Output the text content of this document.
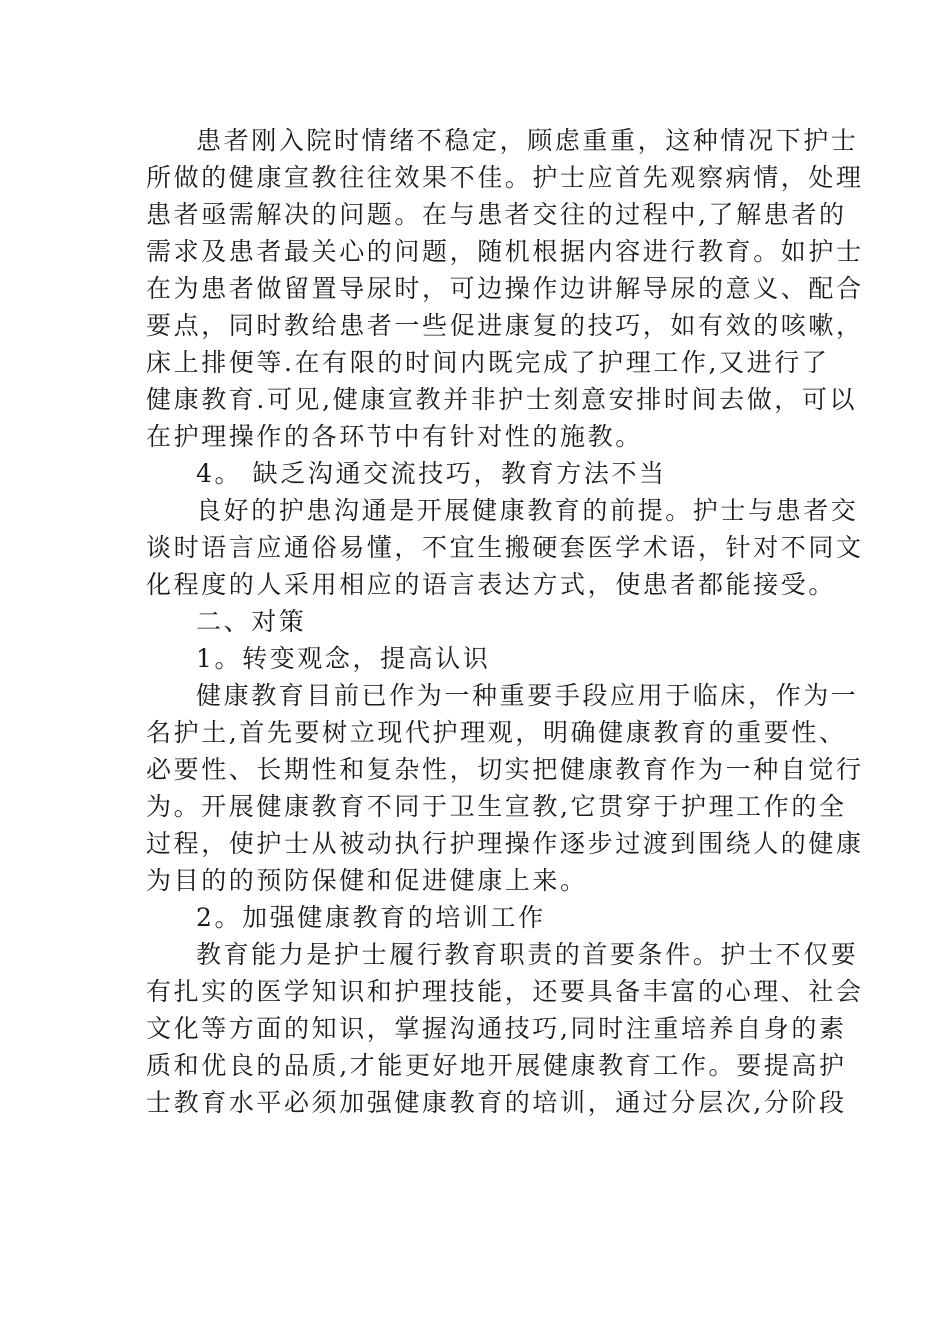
患者刚入院时情绪不稳定，顾虑重重，这种情况下护士
所做的健康宣教往往效果不佳。护士应首先观察病情，处理
患者亟需解决的问题。在与患者交往的过程中,了解患者的
需求及患者最关心的问题，随机根据内容进行教育。如护士
在为患者做留置导尿时，可边操作边讲解导尿的意义、配合
要点，同时教给患者一些促进康复的技巧，如有效的咳嗽，
床上排便等.在有限的时间内既完成了护理工作,又进行了
健康教育.可见,健康宣教并非护士刻意安排时间去做，可以
在护理操作的各环节中有针对性的施教。
4。 缺乏沟通交流技巧，教育方法不当
良好的护患沟通是开展健康教育的前提。护士与患者交
谈时语言应通俗易懂，不宜生搬硬套医学术语，针对不同文
化程度的人采用相应的语言表达方式，使患者都能接受。
二、对策
1。转变观念，提高认识
健康教育目前已作为一种重要手段应用于临床，作为一
名护土,首先要树立现代护理观，明确健康教育的重要性、
必要性、长期性和复杂性，切实把健康教育作为一种自觉行
为。开展健康教育不同于卫生宣教,它贯穿于护理工作的全
过程，使护士从被动执行护理操作逐步过渡到围绕人的健康
为目的的预防保健和促进健康上来。
2。加强健康教育的培训工作
教育能力是护士履行教育职责的首要条件。护士不仅要
有扎实的医学知识和护理技能，还要具备丰富的心理、社会
文化等方面的知识，掌握沟通技巧,同时注重培养自身的素
质和优良的品质,才能更好地开展健康教育工作。要提高护
士教育水平必须加强健康教育的培训，通过分层次,分阶段
